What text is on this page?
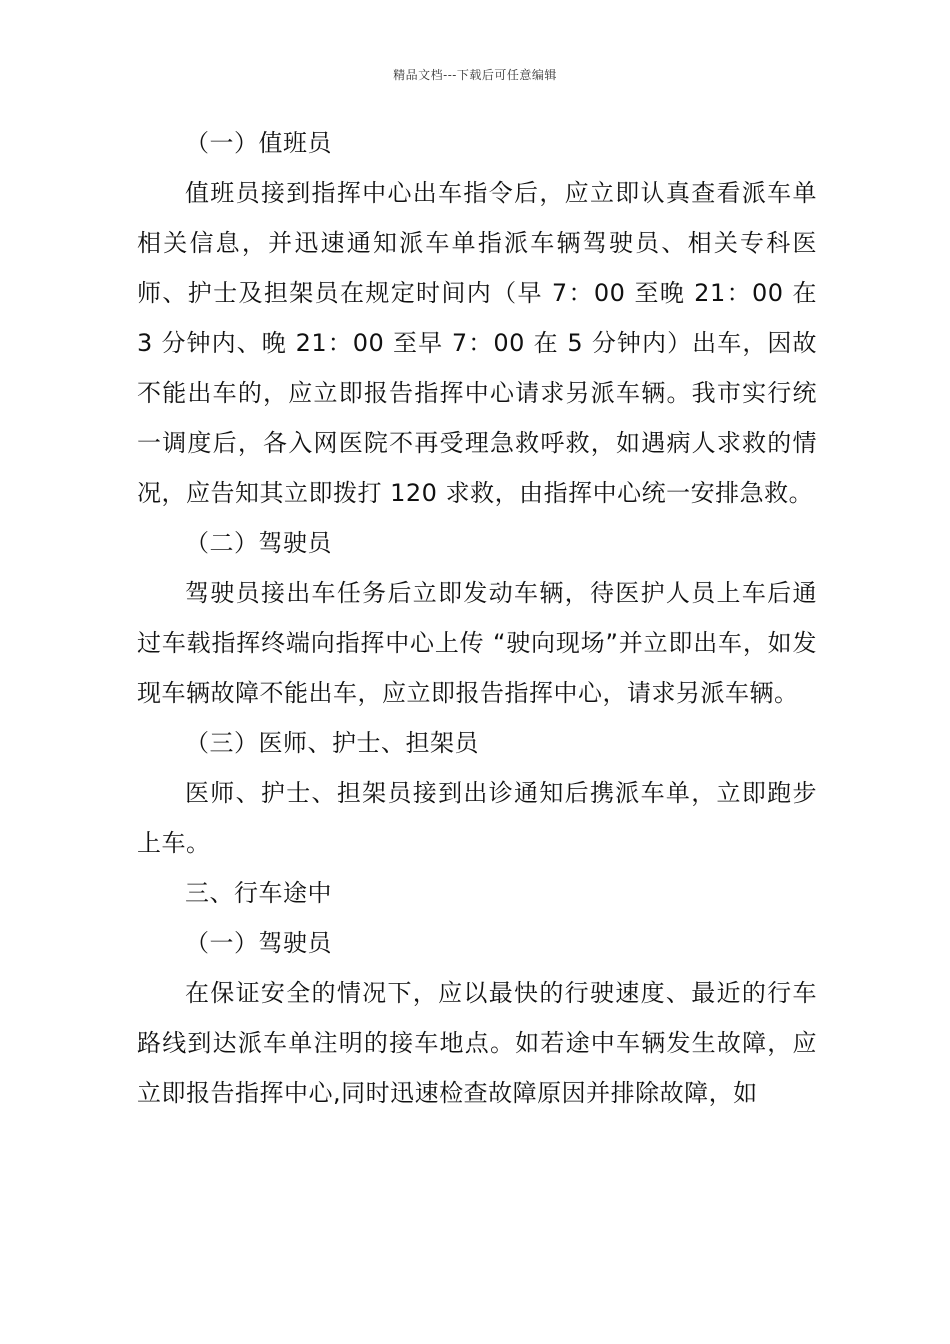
精品文档---下载后可任意编辑

（一）值班员

值班员接到指挥中心出车指令后，应立即认真查看派车单相关信息，并迅速通知派车单指派车辆驾驶员、相关专科医师、护士及担架员在规定时间内（早 7：00 至晚 21：00 在 3 分钟内、晚 21：00 至早 7：00 在 5 分钟内）出车，因故不能出车的，应立即报告指挥中心请求另派车辆。我市实行统一调度后，各入网医院不再受理急救呼救，如遇病人求救的情况，应告知其立即拨打 120 求救，由指挥中心统一安排急救。

（二）驾驶员

驾驶员接出车任务后立即发动车辆，待医护人员上车后通过车载指挥终端向指挥中心上传 “驶向现场”并立即出车，如发现车辆故障不能出车，应立即报告指挥中心，请求另派车辆。

（三）医师、护士、担架员

医师、护士、担架员接到出诊通知后携派车单，立即跑步上车。

三、行车途中

（一）驾驶员

在保证安全的情况下，应以最快的行驶速度、最近的行车路线到达派车单注明的接车地点。如若途中车辆发生故障，应立即报告指挥中心,同时迅速检查故障原因并排除故障，如
